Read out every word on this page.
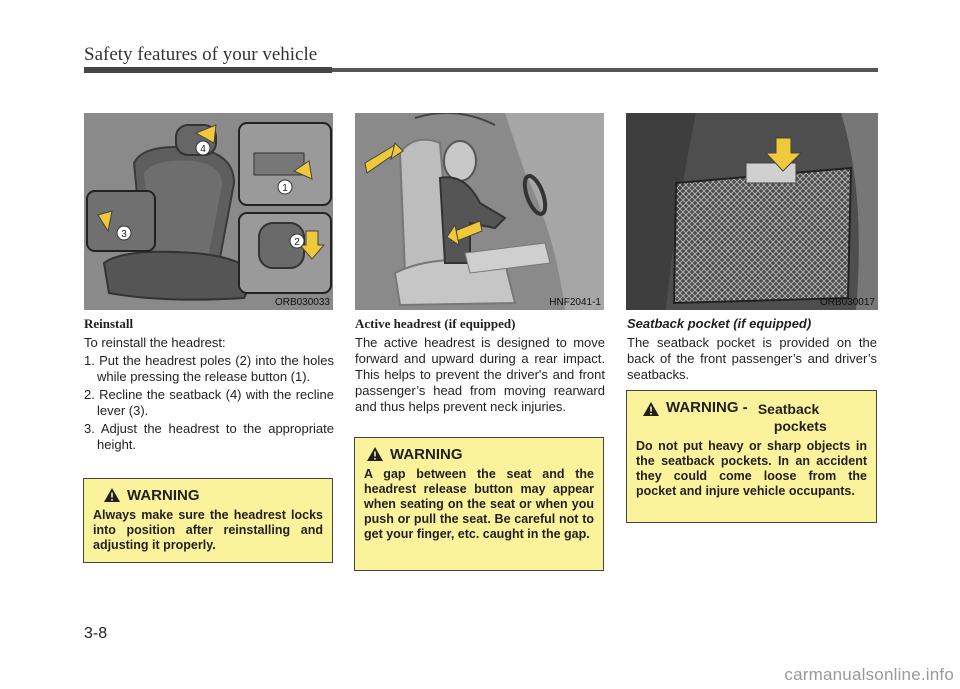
Safety features of your vehicle
4
1
2
3
ORB030033	HNF2041-1	ORB030017

Reinstall

To reinstall the headrest:

1. Put the headrest poles (2) into the holes while pressing the release button (1).
2. Recline the seatback (4) with the recline lever (3).
3. Adjust the headrest to the appropriate height.
WARNING
Always make sure the headrest locks into position after reinstalling and adjusting it properly.

Active headrest (if equipped)

The active headrest is designed to move forward and upward during a rear impact. This helps to prevent the driver's and front passenger’s head from moving rearward and thus helps prevent neck injuries.

WARNING
A gap between the seat and the headrest release button may appear when seating on the seat or when you push or pull the seat. Be careful not to get your finger, etc. caught in the gap.

Seatback pocket (if equipped)

The seatback pocket is provided on the back of the front passenger’s and driver’s seatbacks.

WARNING - Seatback
pockets
Do not put heavy or sharp objects in the seatback pockets. In an accident they could come loose from the pocket and injure vehicle occupants.
3-8
carmanualsonline.info
